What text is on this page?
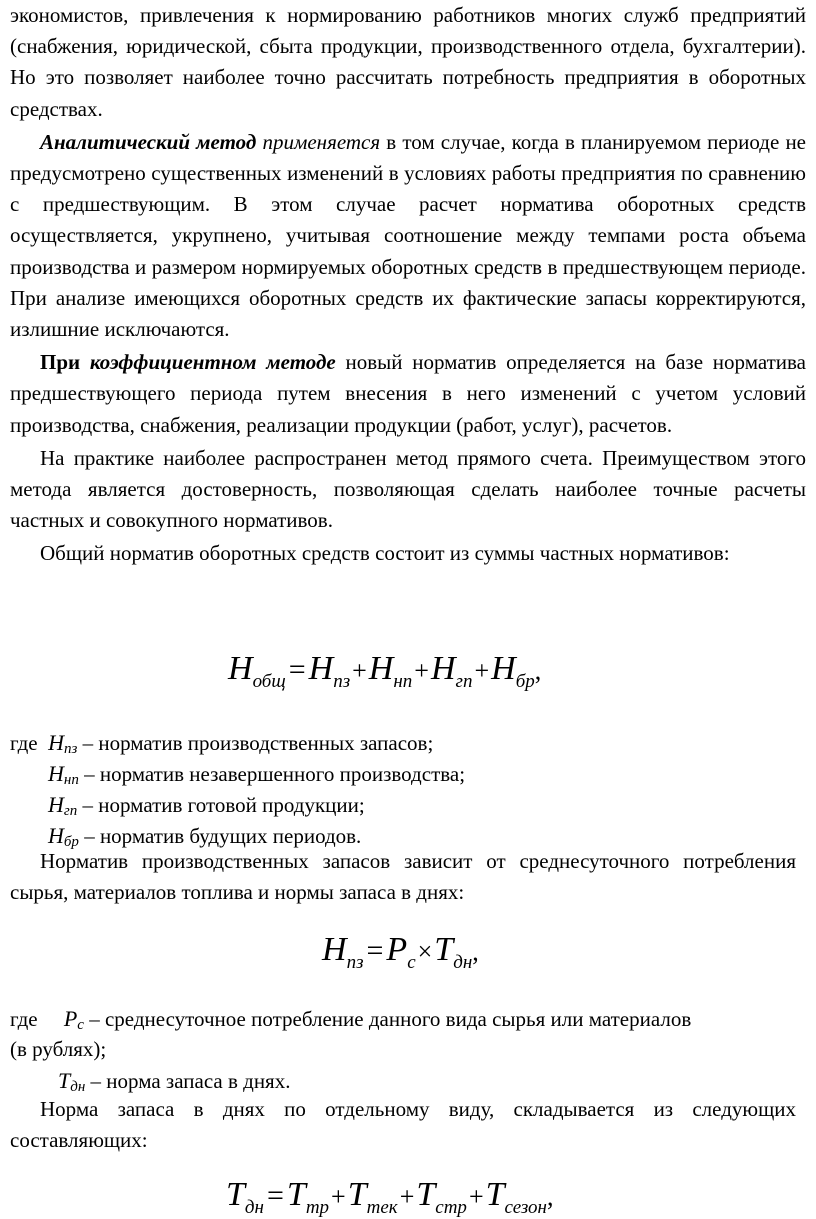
экономистов, привлечения к нормированию работников многих служб предприятий (снабжения, юридической, сбыта продукции, производственного отдела, бухгалтерии). Но это позволяет наиболее точно рассчитать потребность предприятия в оборотных средствах.

Аналитический метод применяется в том случае, когда в планируемом периоде не предусмотрено существенных изменений в условиях работы предприятия по сравнению с предшествующим. В этом случае расчет норматива оборотных средств осуществляется, укрупнено, учитывая соотношение между темпами роста объема производства и размером нормируемых оборотных средств в предшествующем периоде. При анализе имеющихся оборотных средств их фактические запасы корректируются, излишние исключаются.

При коэффициентном методе новый норматив определяется на базе норматива предшествующего периода путем внесения в него изменений с учетом условий производства, снабжения, реализации продукции (работ, услуг), расчетов.

На практике наиболее распространен метод прямого счета. Преимуществом этого метода является достоверность, позволяющая сделать наиболее точные расчеты частных и совокупного нормативов.

Общий норматив оборотных средств состоит из суммы частных нормативов:

Нобщ =Нпз+Ннп+Нгп+Нбр,
где $Н_{пз}$ – норматив производственных запасов;
$Н_{нп}$ – норматив незавершенного производства;
$Н_{гп}$ – норматив готовой продукции;
$Н_{бр}$ – норматив будущих периодов.

Норматив производственных запасов зависит от среднесуточного потребления сырья, материалов топлива и нормы запаса в днях:

Нпз =Рс×Тдн,
где $Р_с$ – среднесуточное потребление данного вида сырья или материалов
(в рублях);
$Т_{дн}$ – норма запаса в днях.

Норма запаса в днях по отдельному виду, складывается из следующих составляющих:

Тдн =Ттр+Ттек+Тстр+Тсезон,
